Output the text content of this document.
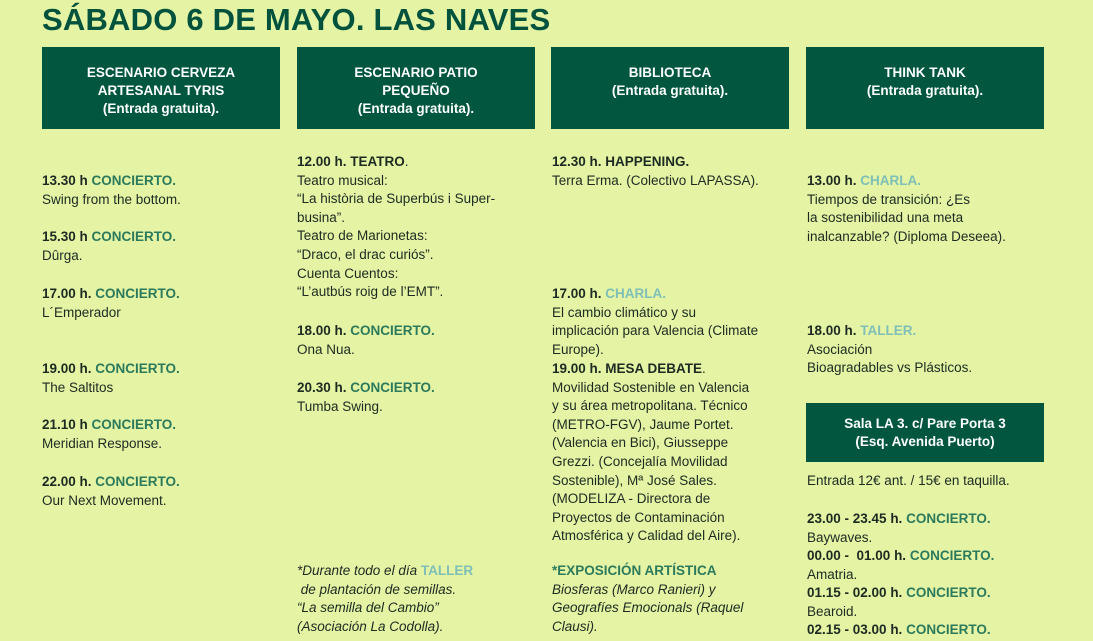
SÁBADO 6 DE MAYO. LAS NAVES
ESCENARIO CERVEZA
ARTESANAL TYRIS
(Entrada gratuita).
ESCENARIO PATIO
PEQUEÑO
(Entrada gratuita).
BIBLIOTECA
(Entrada gratuita).
THINK TANK
(Entrada gratuita).
13.30 h CONCIERTO.
Swing from the bottom.
15.30 h CONCIERTO.
Dûrga.
17.00 h. CONCIERTO.
L´Emperador
19.00 h. CONCIERTO.
The Saltitos
21.10 h CONCIERTO.
Meridian Response.
22.00 h. CONCIERTO.
Our Next Movement.
12.00 h. TEATRO.
Teatro musical:
“La història de Superbús i Super-
busina”.
Teatro de Marionetas:
“Draco, el drac curiós”.
Cuenta Cuentos:
“L’autbús roig de l’EMT”.
18.00 h. CONCIERTO.
Ona Nua.
20.30 h. CONCIERTO.
Tumba Swing.
*Durante todo el día TALLER
de plantación de semillas.
“La semilla del Cambio”
(Asociación La Codolla).
12.30 h. HAPPENING.
Terra Erma. (Colectivo LAPASSA).
17.00 h. CHARLA.
El cambio climático y su
implicación para Valencia (Climate
Europe).
19.00 h. MESA DEBATE.
Movilidad Sostenible en Valencia
y su área metropolitana. Técnico
(METRO-FGV), Jaume Portet.
(Valencia en Bici), Giusseppe
Grezzi. (Concejalía Movilidad
Sostenible), Mª José Sales.
(MODELIZA - Directora de
Proyectos de Contaminación
Atmosférica y Calidad del Aire).
*EXPOSICIÓN ARTÍSTICA
Biosferas (Marco Ranieri) y
Geografíes Emocionals (Raquel
Clausi).
13.00 h. CHARLA.
Tiempos de transición: ¿Es
la sostenibilidad una meta
inalcanzable? (Diploma Deseea).
18.00 h. TALLER.
Asociación
Bioagradables vs Plásticos.
Sala LA 3. c/ Pare Porta 3
(Esq. Avenida Puerto)
Entrada 12€ ant. / 15€ en taquilla.
23.00 - 23.45 h. CONCIERTO.
Baywaves.
00.00 -  01.00 h. CONCIERTO.
Amatria.
01.15 - 02.00 h. CONCIERTO.
Bearoid.
02.15 - 03.00 h. CONCIERTO.
